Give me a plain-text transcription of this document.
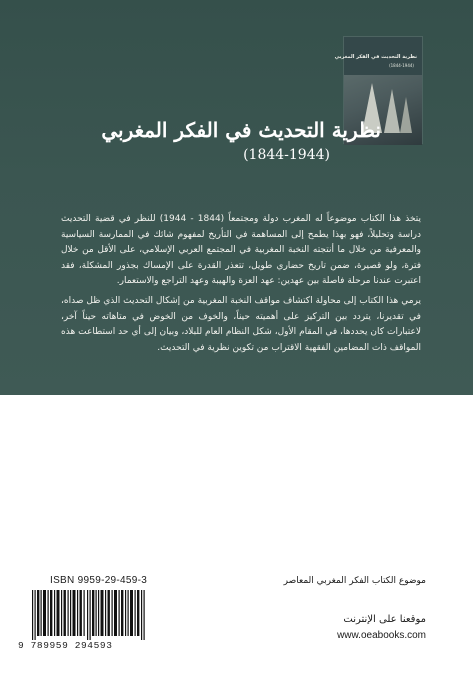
نظرية التحديث في الفكر المغربي
(1844-1944)
نظرية التحديث في الفكر المغربي
(1844-1944)

يتخذ هذا الكتاب موضوعاً له المغرب دولة ومجتمعاً (1844 - 1944) للنظر في قضية التحديث دراسة وتحليلاً، فهو بهذا يطمح إلى المساهمة في التأريخ لمفهوم شائك في الممارسة السياسية والمعرفية من خلال ما أنتجته النخبة المغربية في المجتمع العربي الإسلامي، على الأقل من خلال فترة، ولو قصيرة، ضمن تاريخ حضاري طويل، تتعذر القدرة على الإمساك بجذور المشكلة، فقد اعتبرت عندنا مرحلة فاصلة بين عهدين: عهد العزة والهيبة وعهد التراجع والاستعمار.

يرمي هذا الكتاب إلى محاولة اكتشاف مواقف النخبة المغربية من إشكال التحديث الذي ظل صداه، في تقديرنا، يتردد بين التركيز على أهميته حيناً، والخوف من الخوض في متاهاته حيناً آخر، لاعتبارات كان يحددها، في المقام الأول، شكل النظام العام للبلاد، وبيان إلى أي حد استطاعت هذه المواقف ذات المضامين الفقهية الاقتراب من تكوين نظرية في التحديث.

ISBN 9959-29-459-3
9 789959 294593
موضوع الكتاب الفكر المغربي المعاصر
موقعنا على الإنترنت
www.oeabooks.com
